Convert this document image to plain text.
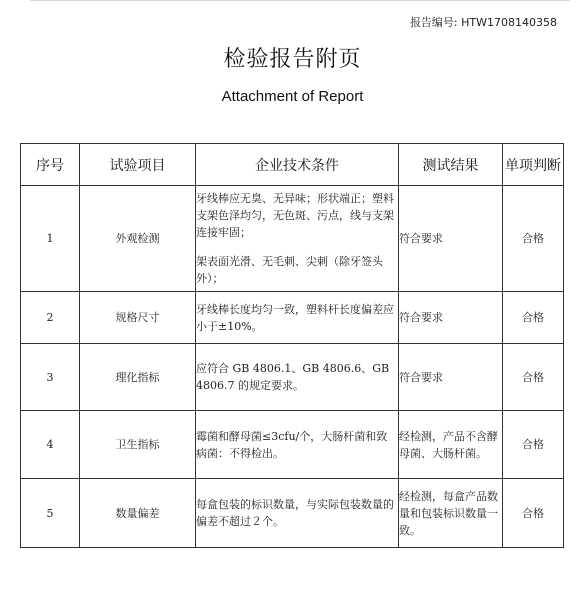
报告编号: HTW1708140358
检验报告附页
Attachment of Report
序号	试验项目	企业技术条件	测试结果	单项判断
1	外观检测	牙线棒应无臭、无异味；形状端正；塑料支架色泽均匀，无色斑、污点，线与支架连接牢固；
架表面光滑、无毛刺、尖刺（除牙签头外）；	符合要求	合格
2	规格尺寸	牙线棒长度均匀一致，塑料杆长度偏差应小于±10%。	符合要求	合格
3	理化指标	应符合 GB 4806.1、GB 4806.6、GB 4806.7 的规定要求。	符合要求	合格
4	卫生指标	霉菌和酵母菌≤3cfu/个，大肠杆菌和致病菌：不得检出。	经检测，产品不含酵母菌、大肠杆菌。	合格
5	数量偏差	每盒包装的标识数量，与实际包装数量的偏差不超过２个。	经检测，每盒产品数量和包装标识数量一致。	合格
